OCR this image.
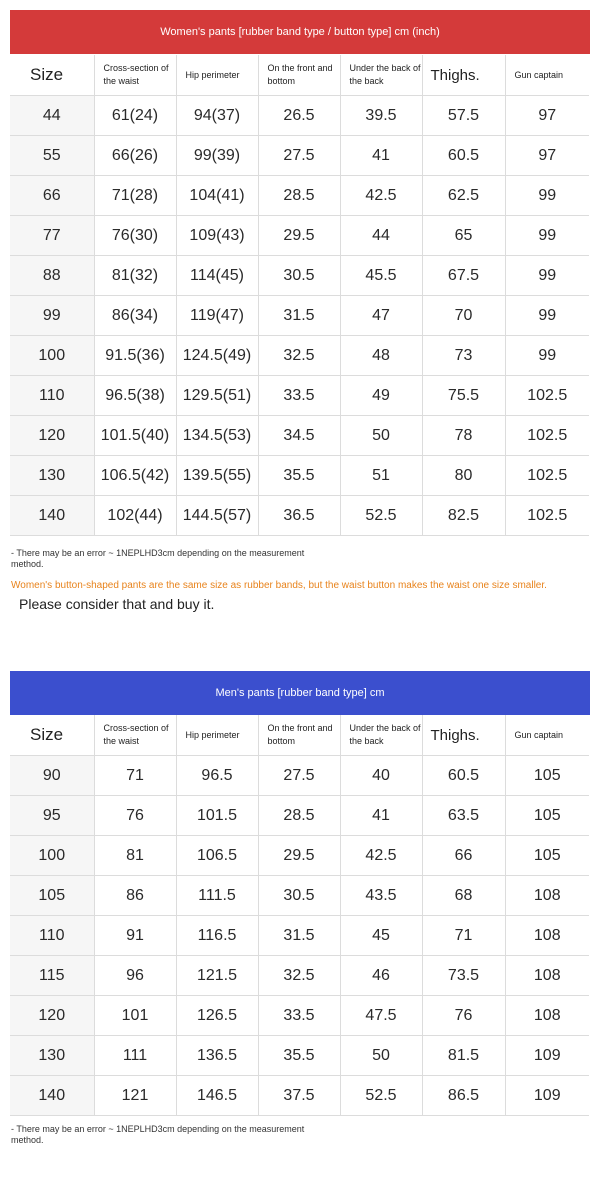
Women's pants [rubber band type / button type] cm (inch)
Size	Cross-section of the waist	Hip perimeter	On the front and bottom	Under the back of the back	Thighs.	Gun captain
44	61(24)	94(37)	26.5	39.5	57.5	97
55	66(26)	99(39)	27.5	41	60.5	97
66	71(28)	104(41)	28.5	42.5	62.5	99
77	76(30)	109(43)	29.5	44	65	99
88	81(32)	114(45)	30.5	45.5	67.5	99
99	86(34)	119(47)	31.5	47	70	99
100	91.5(36)	124.5(49)	32.5	48	73	99
110	96.5(38)	129.5(51)	33.5	49	75.5	102.5
120	101.5(40)	134.5(53)	34.5	50	78	102.5
130	106.5(42)	139.5(55)	35.5	51	80	102.5
140	102(44)	144.5(57)	36.5	52.5	82.5	102.5
- There may be an error ~ 1NEPLHD3cm depending on the measurement method.
Women's button-shaped pants are the same size as rubber bands, but the waist button makes the waist one size smaller.
Please consider that and buy it.
Men's pants [rubber band type] cm
Size	Cross-section of the waist	Hip perimeter	On the front and bottom	Under the back of the back	Thighs.	Gun captain
90	71	96.5	27.5	40	60.5	105
95	76	101.5	28.5	41	63.5	105
100	81	106.5	29.5	42.5	66	105
105	86	111.5	30.5	43.5	68	108
110	91	116.5	31.5	45	71	108
115	96	121.5	32.5	46	73.5	108
120	101	126.5	33.5	47.5	76	108
130	111	136.5	35.5	50	81.5	109
140	121	146.5	37.5	52.5	86.5	109
- There may be an error ~ 1NEPLHD3cm depending on the measurement method.
